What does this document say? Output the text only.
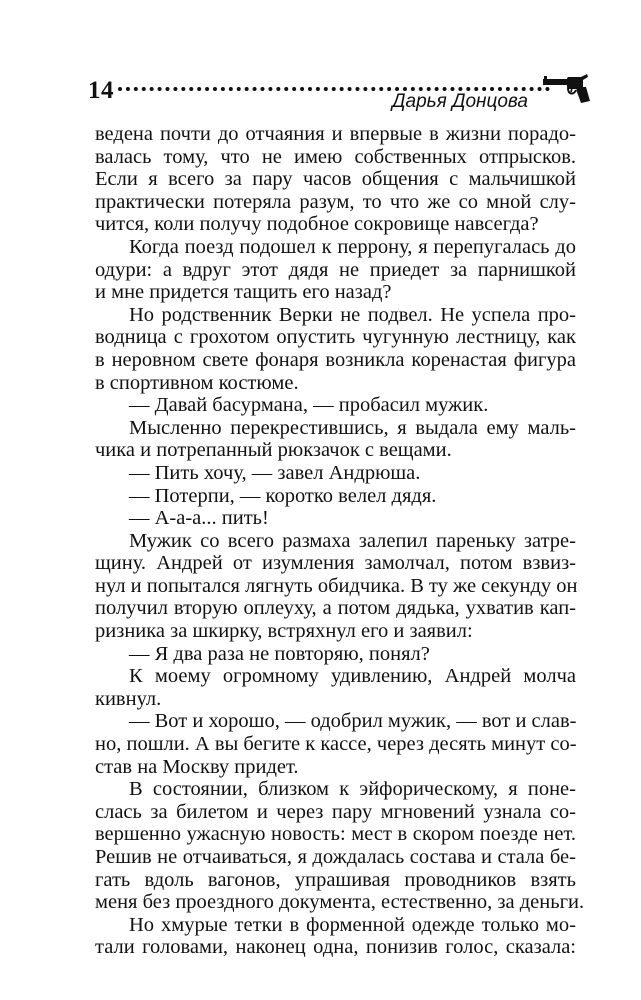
14	Дарья Донцова
ведена почти до отчаяния и впервые в жизни порадо-
валась тому, что не имею собственных отпрысков.
Если я всего за пару часов общения с мальчишкой
практически потеряла разум, то что же со мной слу-
чится, коли получу подобное сокровище навсегда?
Когда поезд подошел к перрону, я перепугалась до
одури: а вдруг этот дядя не приедет за парнишкой
и мне придется тащить его назад?
Но родственник Верки не подвел. Не успела про-
водница с грохотом опустить чугунную лестницу, как
в неровном свете фонаря возникла коренастая фигура
в спортивном костюме.
— Давай басурмана, — пробасил мужик.
Мысленно перекрестившись, я выдала ему маль-
чика и потрепанный рюкзачок с вещами.
— Пить хочу, — завел Андрюша.
— Потерпи, — коротко велел дядя.
— А-а-а... пить!
Мужик со всего размаха залепил пареньку затре-
щину. Андрей от изумления замолчал, потом взвиз-
нул и попытался лягнуть обидчика. В ту же секунду он
получил вторую оплеуху, а потом дядька, ухватив кап-
ризника за шкирку, встряхнул его и заявил:
— Я два раза не повторяю, понял?
К моему огромному удивлению, Андрей молча
кивнул.
— Вот и хорошо, — одобрил мужик, — вот и слав-
но, пошли. А вы бегите к кассе, через десять минут со-
став на Москву придет.
В состоянии, близком к эйфорическому, я поне-
слась за билетом и через пару мгновений узнала со-
вершенно ужасную новость: мест в скором поезде нет.
Решив не отчаиваться, я дождалась состава и стала бе-
гать вдоль вагонов, упрашивая проводников взять
меня без проездного документа, естественно, за деньги.
Но хмурые тетки в форменной одежде только мо-
тали головами, наконец одна, понизив голос, сказала:
